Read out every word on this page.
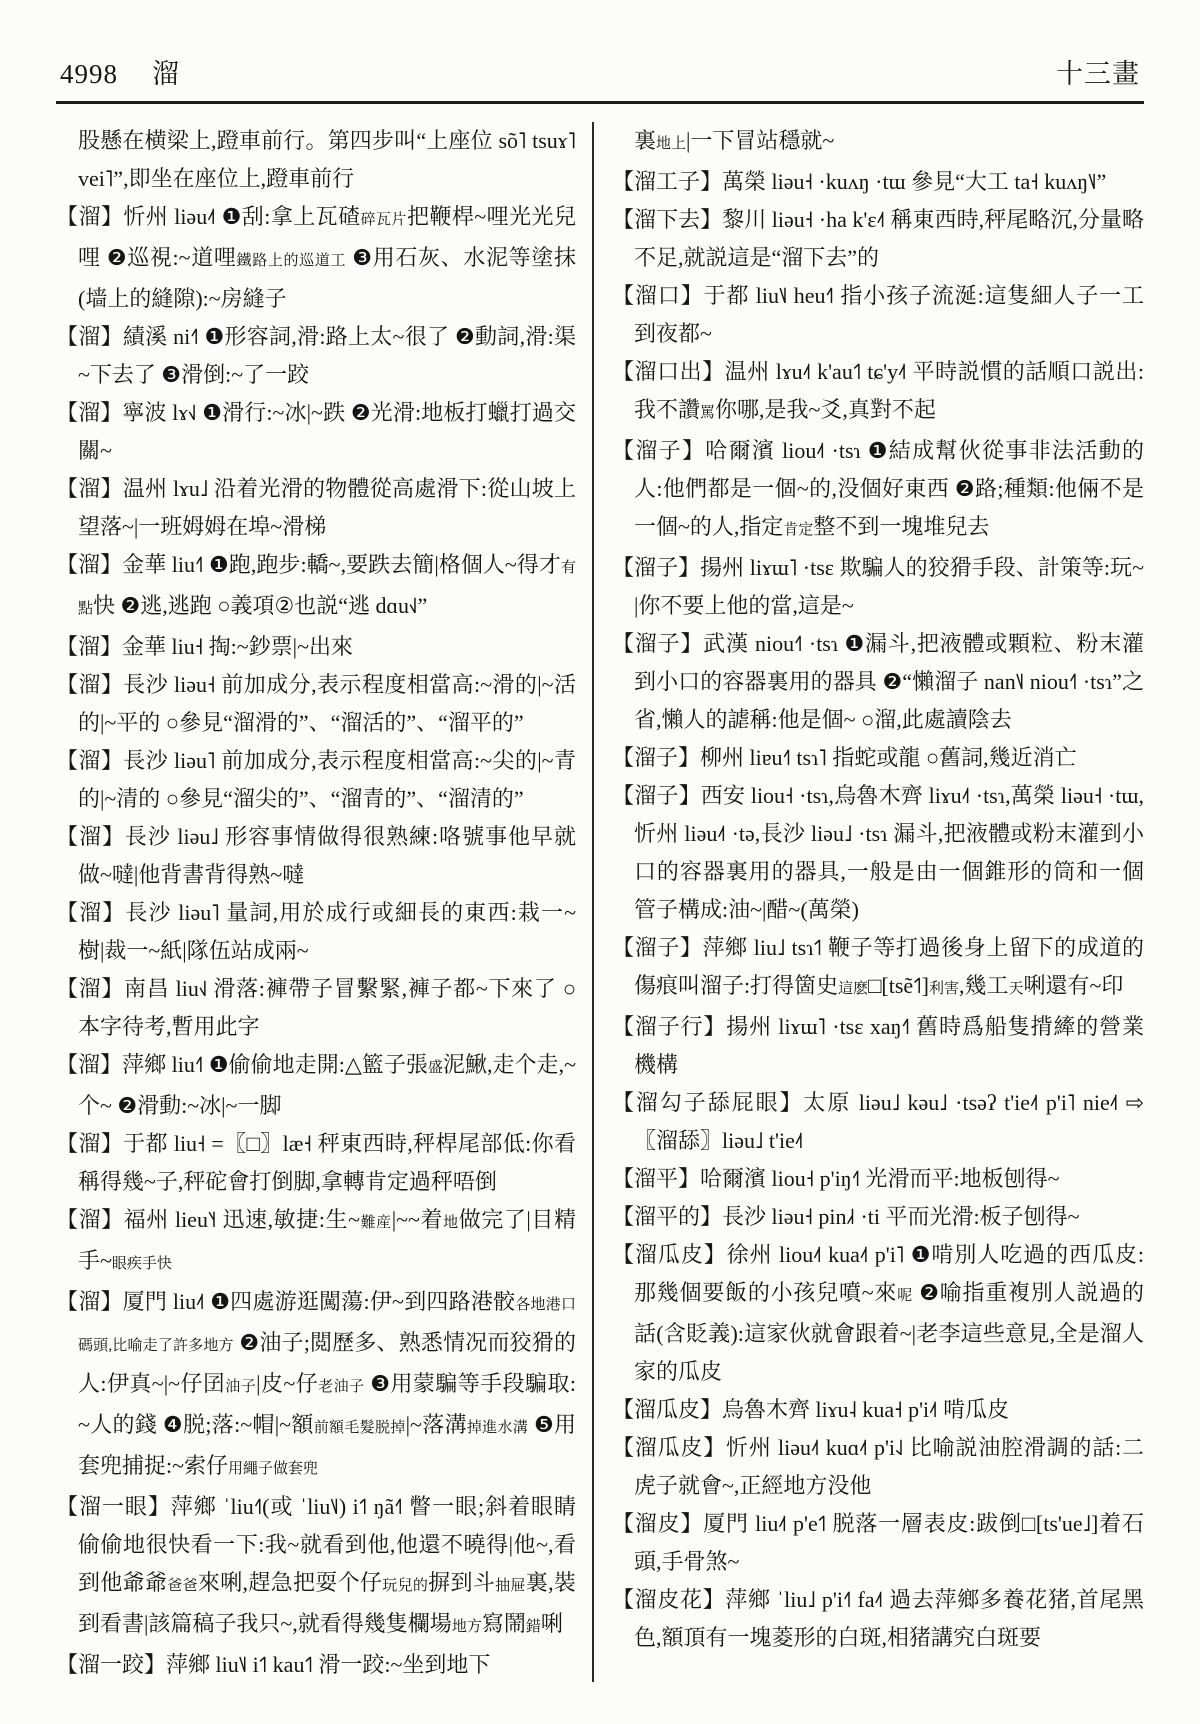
4998 溜	十三畫

股懸在横梁上,蹬車前行。第四步叫“上座位 sõ˥ tsuɤ˥ vei˥”,即坐在座位上,蹬車前行

【溜】忻州 liəu˨˦ ❶刮:拿上瓦碴碎瓦片把鞭桿~哩光光兒哩 ❷巡視:~道哩鐵路上的巡道工 ❸用石灰、水泥等塗抹(墙上的縫隙):~房縫子

【溜】績溪 ni˧˥ ❶形容詞,滑:路上太~很了 ❷動詞,滑:渠~下去了 ❸滑倒:~了一跤

【溜】寧波 lɤ˧˩ ❶滑行:~冰|~跌 ❷光滑:地板打蠟打過交關~

【溜】温州 lɤu˩ 沿着光滑的物體從高處滑下:從山坡上望落~|一班姆姆在埠~滑梯

【溜】金華 liu˧˥ ❶跑,跑步:轎~,要跌去簡|格個人~得才有點快 ❷逃,逃跑 ○義項②也説“逃 dɑu˧˩”

【溜】金華 liu˧ 掏:~鈔票|~出來

【溜】長沙 liəu˧ 前加成分,表示程度相當高:~滑的|~活的|~平的 ○參見“溜滑的”、“溜活的”、“溜平的”

【溜】長沙 liəu˥ 前加成分,表示程度相當高:~尖的|~青的|~清的 ○參見“溜尖的”、“溜青的”、“溜清的”

【溜】長沙 liəu˩ 形容事情做得很熟練:咯號事他早就做~噠|他背書背得熟~噠

【溜】長沙 liəu˥ 量詞,用於成行或細長的東西:栽一~樹|裁一~紙|隊伍站成兩~

【溜】南昌 liu˧˩ 滑落:褲帶子冒繫緊,褲子都~下來了 ○本字待考,暫用此字

【溜】萍鄉 liu˧˥ ❶偷偷地走開:△籃子張盛泥鰍,走个走,~个~ ❷滑動:~冰|~一脚

【溜】于都 liu˧ =〖□〗læ˧ 秤東西時,秤桿尾部低:你看稱得幾~子,秤砣會打倒脚,拿轉肯定過秤唔倒

【溜】福州 lieu˥˧ 迅速,敏捷:生~難産|~~着地做完了|目精手~眼疾手快

【溜】厦門 liu˨˦ ❶四處游逛闖蕩:伊~到四路港骹各地港口碼頭,比喻走了許多地方 ❷油子;閲歷多、熟悉情况而狡猾的人:伊真~|~仔囝油子|皮~仔老油子 ❸用蒙騙等手段騙取:~人的錢 ❹脱;落:~帽|~額前額毛髮脱掉|~落溝掉進水溝 ❺用套兜捕捉:~索仔用繩子做套兜

【溜一眼】萍鄉 ˈliu˧˥(或 ˈliu˥˩) i˦˥ ŋã˧˥ 瞥一眼;斜着眼睛偷偷地很快看一下:我~就看到他,他還不曉得|他~,看到他爺爺爸爸來唎,趕急把耍个仔玩兒的摒到斗抽屉裏,裝到看書|該篇稿子我只~,就看得幾隻欄場地方寫鬧錯唎

【溜一跤】萍鄉 liu˥˩ i˦˥ kau˦˥ 滑一跤:~坐到地下

裏地上|一下冒站穩就~

【溜工子】萬榮 liəu˧ ·kuʌŋ ·tɯ 參見“大工 ta˧ kuʌŋ˥˩”

【溜下去】黎川 liəu˧ ·ha k'ɛ˨˦ 稱東西時,秤尾略沉,分量略不足,就説這是“溜下去”的

【溜口】于都 liu˥˩ heu˧˥ 指小孩子流涎:這隻細人子一工到夜都~

【溜口出】温州 lɤu˨˦ k'au˦˥ tɕ'y˨˦ 平時説慣的話順口説出:我不讚罵你哪,是我~爻,真對不起

【溜子】哈爾濱 liou˨˦ ·tsɿ ❶結成幫伙從事非法活動的人:他們都是一個~的,没個好東西 ❷路;種類:他倆不是一個~的人,指定肯定整不到一塊堆兒去

【溜子】揚州 liɤɯ˥ ·tsɛ 欺騙人的狡猾手段、計策等:玩~|你不要上他的當,這是~

【溜子】武漢 niou˧˥ ·tsɿ ❶漏斗,把液體或顆粒、粉末灌到小口的容器裏用的器具 ❷“懶溜子 nan˥˩ niou˧˥ ·tsɿ”之省,懶人的謔稱:他是個~ ○溜,此處讀陰去

【溜子】柳州 liɐu˧˥ tsɿ˥ 指蛇或龍 ○舊詞,幾近消亡

【溜子】西安 liou˧ ·tsɿ,烏魯木齊 liɤu˨˦ ·tsɿ,萬榮 liəu˧ ·tɯ,忻州 liəu˨˦ ·tə,長沙 liəu˩ ·tsɿ 漏斗,把液體或粉末灌到小口的容器裏用的器具,一般是由一個錐形的筒和一個管子構成:油~|醋~(萬榮)

【溜子】萍鄉 liu˩ tsɿ˦˥ 鞭子等打過後身上留下的成道的傷痕叫溜子:打得箇史這麽□[tsẽ˦˥]利害,幾工天唎還有~印

【溜子行】揚州 liɤɯ˥ ·tsɛ xaŋ˧˥ 舊時爲船隻揹縴的營業機構

【溜勾子舔屁眼】太原 liəu˩ kəu˩ ·tsəʔ t'ie˨˦ p'i˥ nie˨˦ ⇨〖溜舔〗liəu˩ t'ie˨˦

【溜平】哈爾濱 liou˧ p'iŋ˧˥ 光滑而平:地板刨得~

【溜平的】長沙 liəu˧ pin˩˧ ·ti 平而光滑:板子刨得~

【溜瓜皮】徐州 liou˨˦ kua˨˦ p'i˥ ❶啃別人吃過的西瓜皮:那幾個要飯的小孩兒噴~來呢 ❷喻指重複別人説過的話(含貶義):這家伙就會跟着~|老李這些意見,全是溜人家的瓜皮

【溜瓜皮】烏魯木齊 liɤu˨ kua˧ p'i˨˦ 啃瓜皮

【溜瓜皮】忻州 liəu˨˦ kuɑ˨˦ p'i˨˩ 比喻説油腔滑調的話:二虎子就會~,正經地方没他

【溜皮】厦門 liu˨˦ p'e˦˥ 脱落一層表皮:跋倒□[ts'ue˩]着石頭,手骨煞~

【溜皮花】萍鄉 ˈliu˩ p'i˧˥ fa˨˦ 過去萍鄉多養花猪,首尾黑色,額頂有一塊菱形的白斑,相猪講究白斑要
